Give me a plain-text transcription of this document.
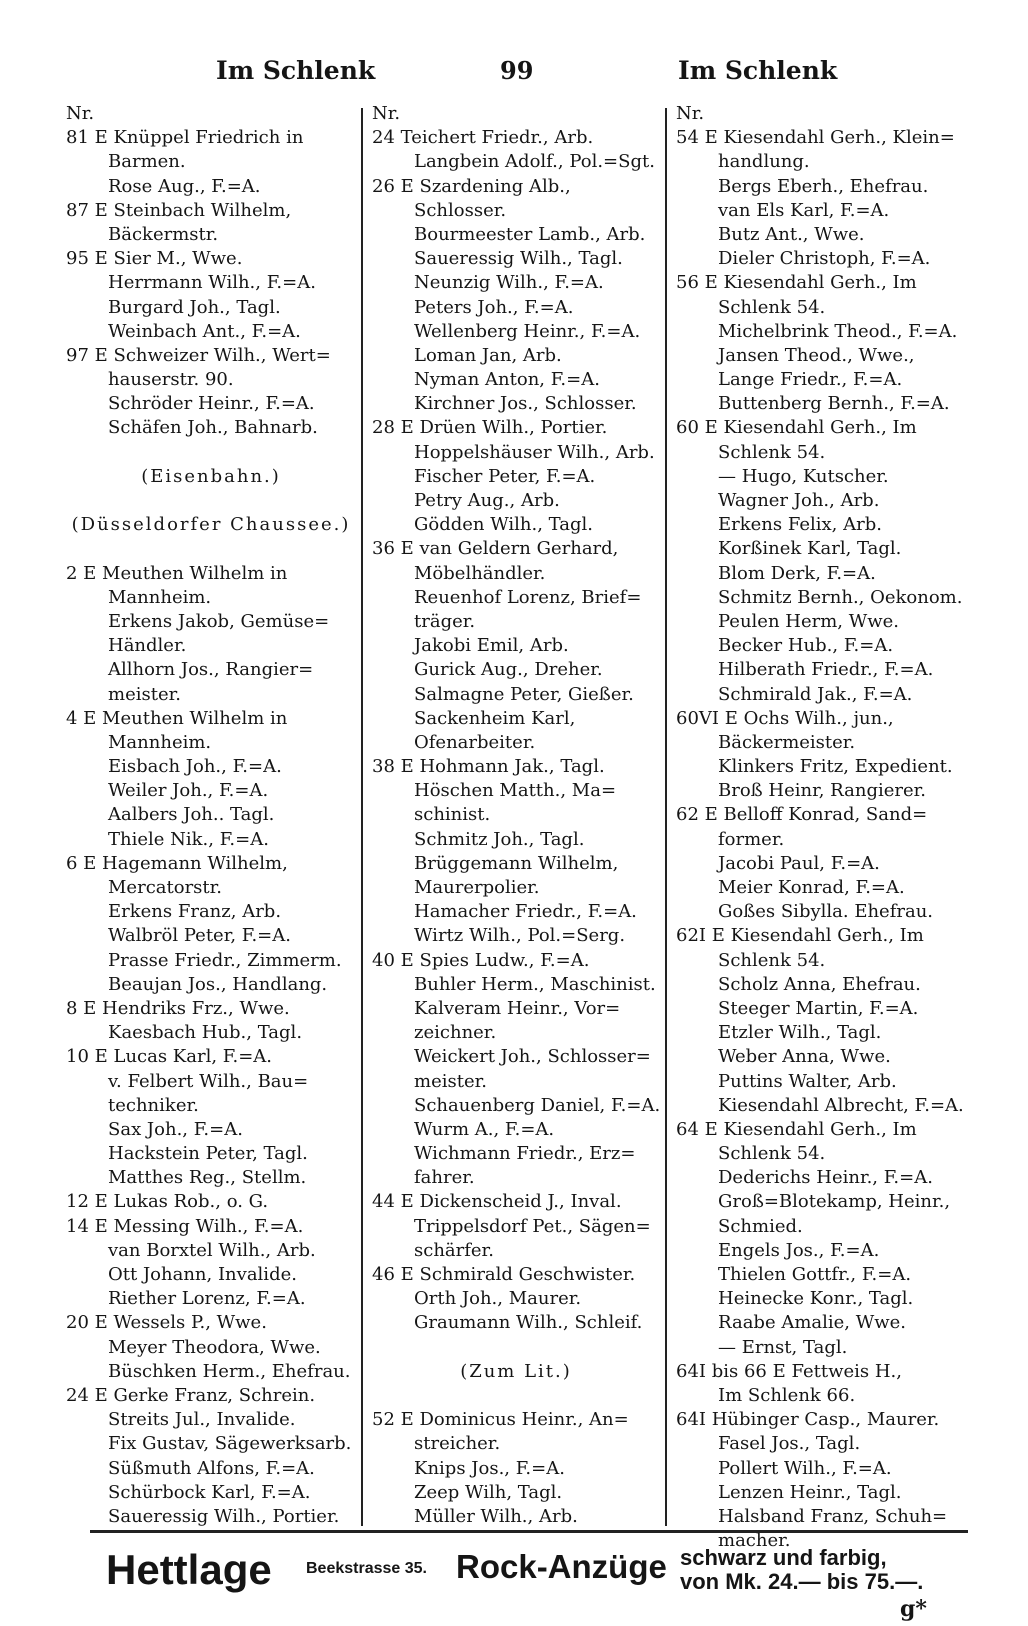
Im Schlenk	99	Im Schlenk
Nr.
81 E Knüppel Friedrich in
Barmen.
Rose Aug., F.=A.
87 E Steinbach Wilhelm,
Bäckermstr.
95 E Sier M., Wwe.
Herrmann Wilh., F.=A.
Burgard Joh., Tagl.
Weinbach Ant., F.=A.
97 E Schweizer Wilh., Wert=
hauserstr. 90.
Schröder Heinr., F.=A.
Schäfen Joh., Bahnarb.
(Eisenbahn.)
(Düsseldorfer Chaussee.)
2 E Meuthen Wilhelm in
Mannheim.
Erkens Jakob, Gemüse=
Händler.
Allhorn Jos., Rangier=
meister.
4 E Meuthen Wilhelm in
Mannheim.
Eisbach Joh., F.=A.
Weiler Joh., F.=A.
Aalbers Joh.. Tagl.
Thiele Nik., F.=A.
6 E Hagemann Wilhelm,
Mercatorstr.
Erkens Franz, Arb.
Walbröl Peter, F.=A.
Prasse Friedr., Zimmerm.
Beaujan Jos., Handlang.
8 E Hendriks Frz., Wwe.
Kaesbach Hub., Tagl.
10 E Lucas Karl, F.=A.
v. Felbert Wilh., Bau=
techniker.
Sax Joh., F.=A.
Hackstein Peter, Tagl.
Matthes Reg., Stellm.
12 E Lukas Rob., o. G.
14 E Messing Wilh., F.=A.
van Borxtel Wilh., Arb.
Ott Johann, Invalide.
Riether Lorenz, F.=A.
20 E Wessels P., Wwe.
Meyer Theodora, Wwe.
Büschken Herm., Ehefrau.
24 E Gerke Franz, Schrein.
Streits Jul., Invalide.
Fix Gustav, Sägewerksarb.
Süßmuth Alfons, F.=A.
Schürbock Karl, F.=A.
Saueressig Wilh., Portier.
Nr.
24 Teichert Friedr., Arb.
Langbein Adolf., Pol.=Sgt.
26 E Szardening Alb.,
Schlosser.
Bourmeester Lamb., Arb.
Saueressig Wilh., Tagl.
Neunzig Wilh., F.=A.
Peters Joh., F.=A.
Wellenberg Heinr., F.=A.
Loman Jan, Arb.
Nyman Anton, F.=A.
Kirchner Jos., Schlosser.
28 E Drüen Wilh., Portier.
Hoppelshäuser Wilh., Arb.
Fischer Peter, F.=A.
Petry Aug., Arb.
Gödden Wilh., Tagl.
36 E van Geldern Gerhard,
Möbelhändler.
Reuenhof Lorenz, Brief=
träger.
Jakobi Emil, Arb.
Gurick Aug., Dreher.
Salmagne Peter, Gießer.
Sackenheim Karl,
Ofenarbeiter.
38 E Hohmann Jak., Tagl.
Höschen Matth., Ma=
schinist.
Schmitz Joh., Tagl.
Brüggemann Wilhelm,
Maurerpolier.
Hamacher Friedr., F.=A.
Wirtz Wilh., Pol.=Serg.
40 E Spies Ludw., F.=A.
Buhler Herm., Maschinist.
Kalveram Heinr., Vor=
zeichner.
Weickert Joh., Schlosser=
meister.
Schauenberg Daniel, F.=A.
Wurm A., F.=A.
Wichmann Friedr., Erz=
fahrer.
44 E Dickenscheid J., Inval.
Trippelsdorf Pet., Sägen=
schärfer.
46 E Schmirald Geschwister.
Orth Joh., Maurer.
Graumann Wilh., Schleif.
(Zum Lit.)
52 E Dominicus Heinr., An=
streicher.
Knips Jos., F.=A.
Zeep Wilh, Tagl.
Müller Wilh., Arb.
Nr.
54 E Kiesendahl Gerh., Klein=
handlung.
Bergs Eberh., Ehefrau.
van Els Karl, F.=A.
Butz Ant., Wwe.
Dieler Christoph, F.=A.
56 E Kiesendahl Gerh., Im
Schlenk 54.
Michelbrink Theod., F.=A.
Jansen Theod., Wwe.,
Lange Friedr., F.=A.
Buttenberg Bernh., F.=A.
60 E Kiesendahl Gerh., Im
Schlenk 54.
— Hugo, Kutscher.
Wagner Joh., Arb.
Erkens Felix, Arb.
Korßinek Karl, Tagl.
Blom Derk, F.=A.
Schmitz Bernh., Oekonom.
Peulen Herm, Wwe.
Becker Hub., F.=A.
Hilberath Friedr., F.=A.
Schmirald Jak., F.=A.
60VI E Ochs Wilh., jun.,
Bäckermeister.
Klinkers Fritz, Expedient.
Broß Heinr, Rangierer.
62 E Belloff Konrad, Sand=
former.
Jacobi Paul, F.=A.
Meier Konrad, F.=A.
Goßes Sibylla. Ehefrau.
62I E Kiesendahl Gerh., Im
Schlenk 54.
Scholz Anna, Ehefrau.
Steeger Martin, F.=A.
Etzler Wilh., Tagl.
Weber Anna, Wwe.
Puttins Walter, Arb.
Kiesendahl Albrecht, F.=A.
64 E Kiesendahl Gerh., Im
Schlenk 54.
Dederichs Heinr., F.=A.
Groß=Blotekamp, Heinr.,
Schmied.
Engels Jos., F.=A.
Thielen Gottfr., F.=A.
Heinecke Konr., Tagl.
Raabe Amalie, Wwe.
— Ernst, Tagl.
64I bis 66 E Fettweis H.,
Im Schlenk 66.
64I Hübinger Casp., Maurer.
Fasel Jos., Tagl.
Pollert Wilh., F.=A.
Lenzen Heinr., Tagl.
Halsband Franz, Schuh=
macher.
Hettlage Beekstrasse 35. Rock-Anzüge schwarz und farbig,
von Mk. 24.— bis 75.—.
g*
